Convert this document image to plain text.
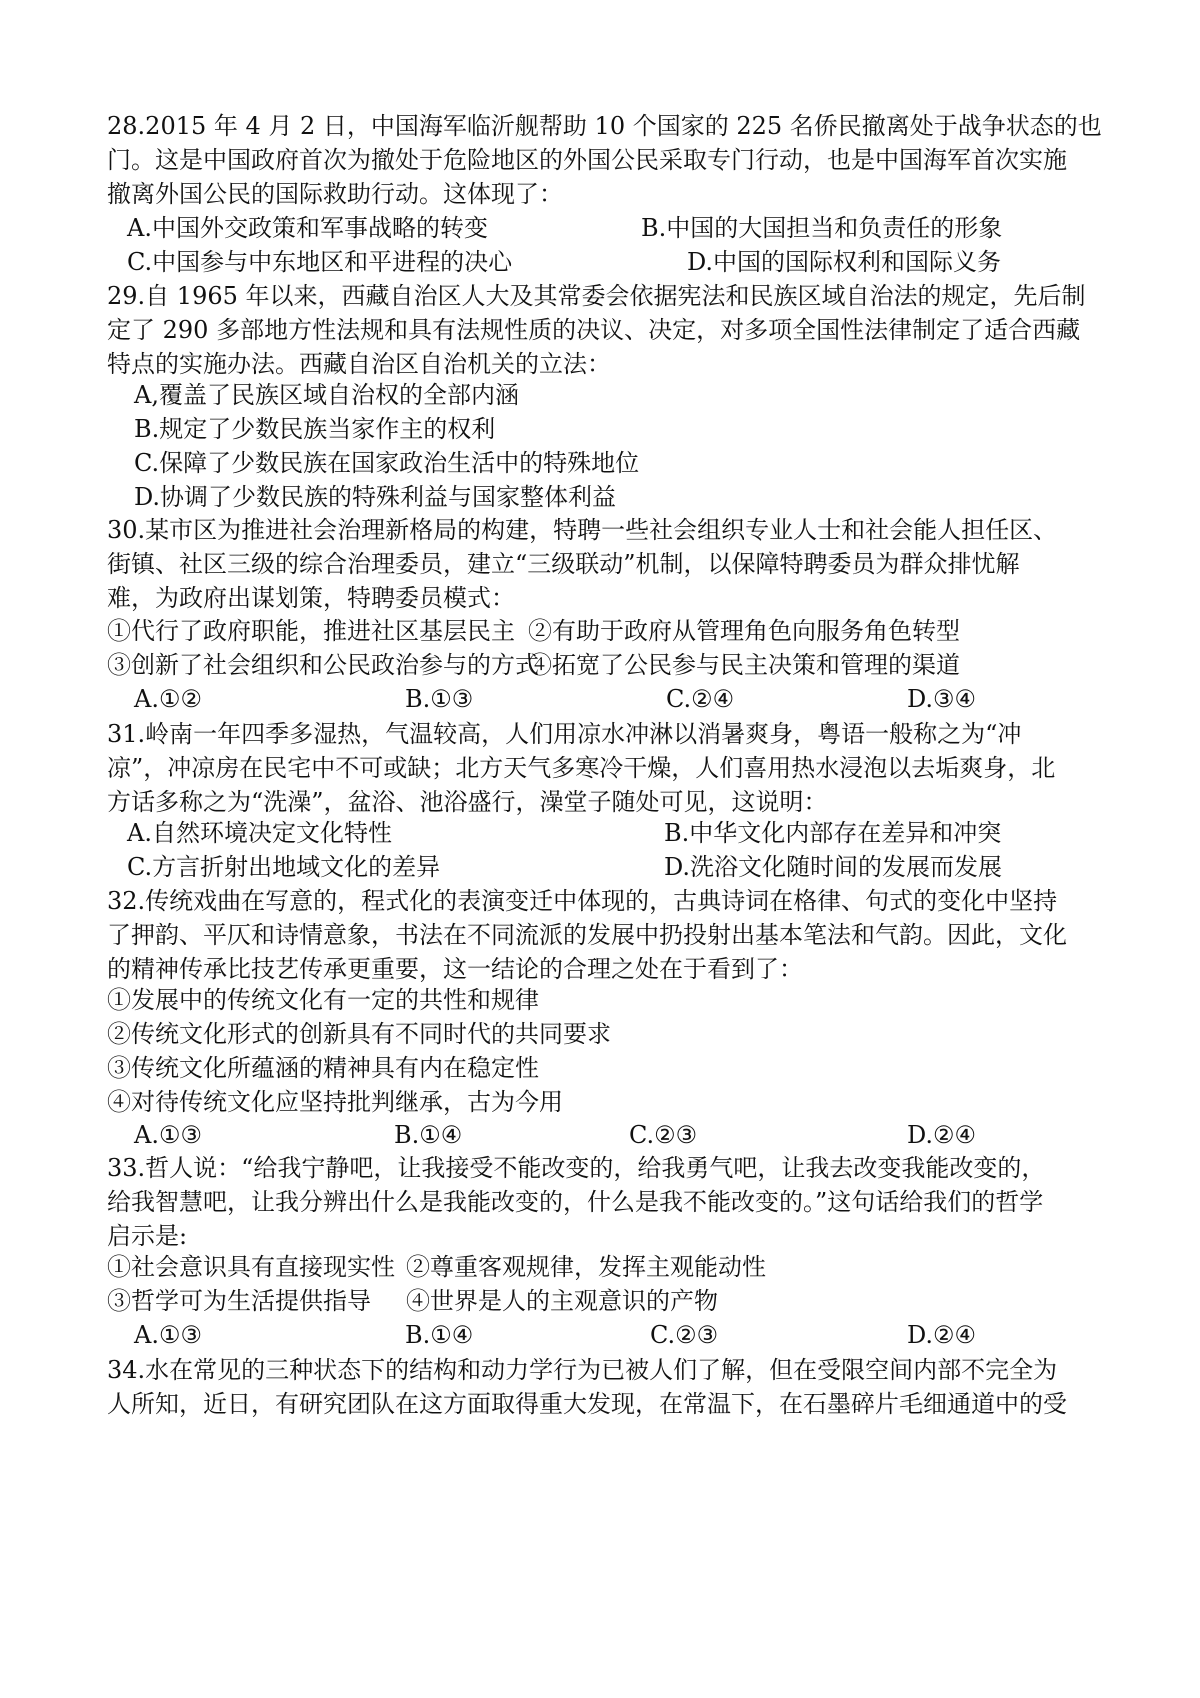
28.2015 年 4 月 2 日，中国海军临沂舰帮助 10 个国家的 225 名侨民撤离处于战争状态的也
门。这是中国政府首次为撤处于危险地区的外国公民采取专门行动，也是中国海军首次实施
撤离外国公民的国际救助行动。这体现了：
A.中国外交政策和军事战略的转变	B.中国的大国担当和负责任的形象
C.中国参与中东地区和平进程的决心	D.中国的国际权利和国际义务
29.自 1965 年以来，西藏自治区人大及其常委会依据宪法和民族区域自治法的规定，先后制
定了 290 多部地方性法规和具有法规性质的决议、决定，对多项全国性法律制定了适合西藏
特点的实施办法。西藏自治区自治机关的立法：
A,覆盖了民族区域自治权的全部内涵
B.规定了少数民族当家作主的权利
C.保障了少数民族在国家政治生活中的特殊地位
D.协调了少数民族的特殊利益与国家整体利益
30.某市区为推进社会治理新格局的构建，特聘一些社会组织专业人士和社会能人担任区、
街镇、社区三级的综合治理委员，建立“三级联动”机制，以保障特聘委员为群众排忧解
难，为政府出谋划策，特聘委员模式：
①代行了政府职能，推进社区基层民主 ②有助于政府从管理角色向服务角色转型
③创新了社会组织和公民政治参与的方式
④拓宽了公民参与民主决策和管理的渠道
A.①②	B.①③	C.②④	D.③④
31.岭南一年四季多湿热，气温较高，人们用凉水冲淋以消暑爽身，粤语一般称之为“冲
凉”，冲凉房在民宅中不可或缺；北方天气多寒冷干燥，人们喜用热水浸泡以去垢爽身，北
方话多称之为“洗澡”，盆浴、池浴盛行，澡堂子随处可见，这说明：
A.自然环境决定文化特性	B.中华文化内部存在差异和冲突
C.方言折射出地域文化的差异	D.洗浴文化随时间的发展而发展
32.传统戏曲在写意的，程式化的表演变迁中体现的，古典诗词在格律、句式的变化中坚持
了押韵、平仄和诗情意象，书法在不同流派的发展中扔投射出基本笔法和气韵。因此，文化
的精神传承比技艺传承更重要，这一结论的合理之处在于看到了：
①发展中的传统文化有一定的共性和规律
②传统文化形式的创新具有不同时代的共同要求
③传统文化所蕴涵的精神具有内在稳定性
④对待传统文化应坚持批判继承，古为今用
A.①③	B.①④	C.②③	D.②④
33.哲人说：“给我宁静吧，让我接受不能改变的，给我勇气吧，让我去改变我能改变的，
给我智慧吧，让我分辨出什么是我能改变的，什么是我不能改变的。”这句话给我们的哲学
启示是:
①社会意识具有直接现实性 ②尊重客观规律，发挥主观能动性
③哲学可为生活提供指导 ④世界是人的主观意识的产物
A.①③	B.①④	C.②③	D.②④
34.水在常见的三种状态下的结构和动力学行为已被人们了解，但在受限空间内部不完全为
人所知，近日，有研究团队在这方面取得重大发现，在常温下，在石墨碎片毛细通道中的受
